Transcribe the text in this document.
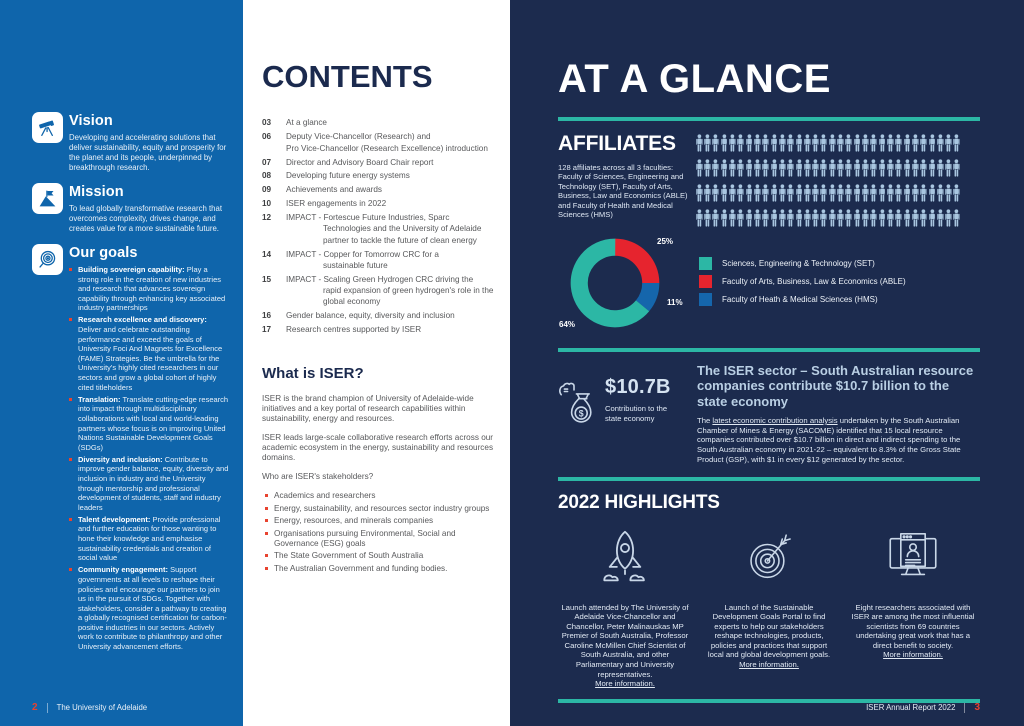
Vision

Developing and accelerating solutions that deliver sustainability, equity and prosperity for the planet and its people, underpinned by breakthrough research.

Mission

To lead globally transformative research that overcomes complexity, drives change, and creates value for a more sustainable future.

Our goals
Building sovereign capability: Play a strong role in the creation of new industries and research that advances sovereign capability through enhancing key associated industry partnerships
Research excellence and discovery: Deliver and celebrate outstanding performance and exceed the goals of University Foci And Magnets for Excellence (FAME) Strategies. Be the umbrella for the University's highly cited researchers in our sectors and grow a global cohort of highly cited titleholders
Translation: Translate cutting-edge research into impact through multidisciplinary collaborations with local and world-leading partners whose focus is on improving United Nations Sustainable Development Goals (SDGs)
Diversity and inclusion: Contribute to improve gender balance, equity, diversity and inclusion in industry and the University through mentorship and professional development of students, staff and industry leaders
Talent development: Provide professional and further education for those wanting to hone their knowledge and emphasise sustainability credentials and creation of social value
Community engagement: Support governments at all levels to reshape their policies and encourage our partners to join us in the pursuit of SDGs. Together with stakeholders, consider a pathway to creating a globally recognised certification for carbon-positive industries in our sectors. Actively work to contribute to philanthropy and other University advancement efforts.
2 The University of Adelaide
CONTENTS
03	At a glance
06	Deputy Vice-Chancellor (Research) and
Pro Vice-Chancellor (Research Excellence) introduction
07	Director and Advisory Board Chair report
08	Developing future energy systems
09	Achievements and awards
10	ISER engagements in 2022
12	IMPACT - Fortescue Future Industries, Sparc
Technologies and the University of Adelaide
partner to tackle the future of clean energy
14	IMPACT - Copper for Tomorrow CRC for a
sustainable future
15	IMPACT - Scaling Green Hydrogen CRC driving the
rapid expansion of green hydrogen's role in the
global economy
16	Gender balance, equity, diversity and inclusion
17	Research centres supported by ISER
What is ISER?

ISER is the brand champion of University of Adelaide-wide initiatives and a key portal of research capabilities within sustainability, energy and resources.

ISER leads large-scale collaborative research efforts across our academic ecosystem in the energy, sustainability and resources domains.

Who are ISER's stakeholders?

Academics and researchers
Energy, sustainability, and resources sector industry groups
Energy, resources, and minerals companies
Organisations pursuing Environmental, Social and Governance (ESG) goals
The State Government of South Australia
The Australian Government and funding bodies.
AT A GLANCE
AFFILIATES

128 affiliates across all 3 faculties: Faculty of Sciences, Engineering and Technology (SET), Faculty of Arts, Business, Law and Economics (ABLE) and Faculty of Health and Medical Sciences (HMS)

64%
25%
11%
Sciences, Engineering & Technology (SET)
Faculty of Arts, Business, Law & Economics (ABLE)
Faculty of Heath & Medical Sciences (HMS)
$
$10.7B
Contribution to the state economy
The ISER sector – South Australian resource companies contribute $10.7 billion to the state economy

The latest economic contribution analysis undertaken by the South Australian Chamber of Mines & Energy (SACOME) identified that 15 local resource companies contributed over $10.7 billion in direct and indirect spending to the South Australian economy in 2021-22 – equivalent to 8.3% of the Gross State Product (GSP), with $1 in every $12 generated by the sector.

2022 HIGHLIGHTS

Launch attended by The University of Adelaide Vice-Chancellor and Chancellor, Peter Malinauskas MP Premier of South Australia, Professor Caroline McMillen Chief Scientist of South Australia, and other Parliamentary and University representatives.
More information.

Launch of the Sustainable Development Goals Portal to find experts to help our stakeholders reshape technologies, products, policies and practices that support local and global development goals.
More information.

Eight researchers associated with ISER are among the most influential scientists from 69 countries undertaking great work that has a direct benefit to society.
More information.

ISER Annual Report 2022 3
